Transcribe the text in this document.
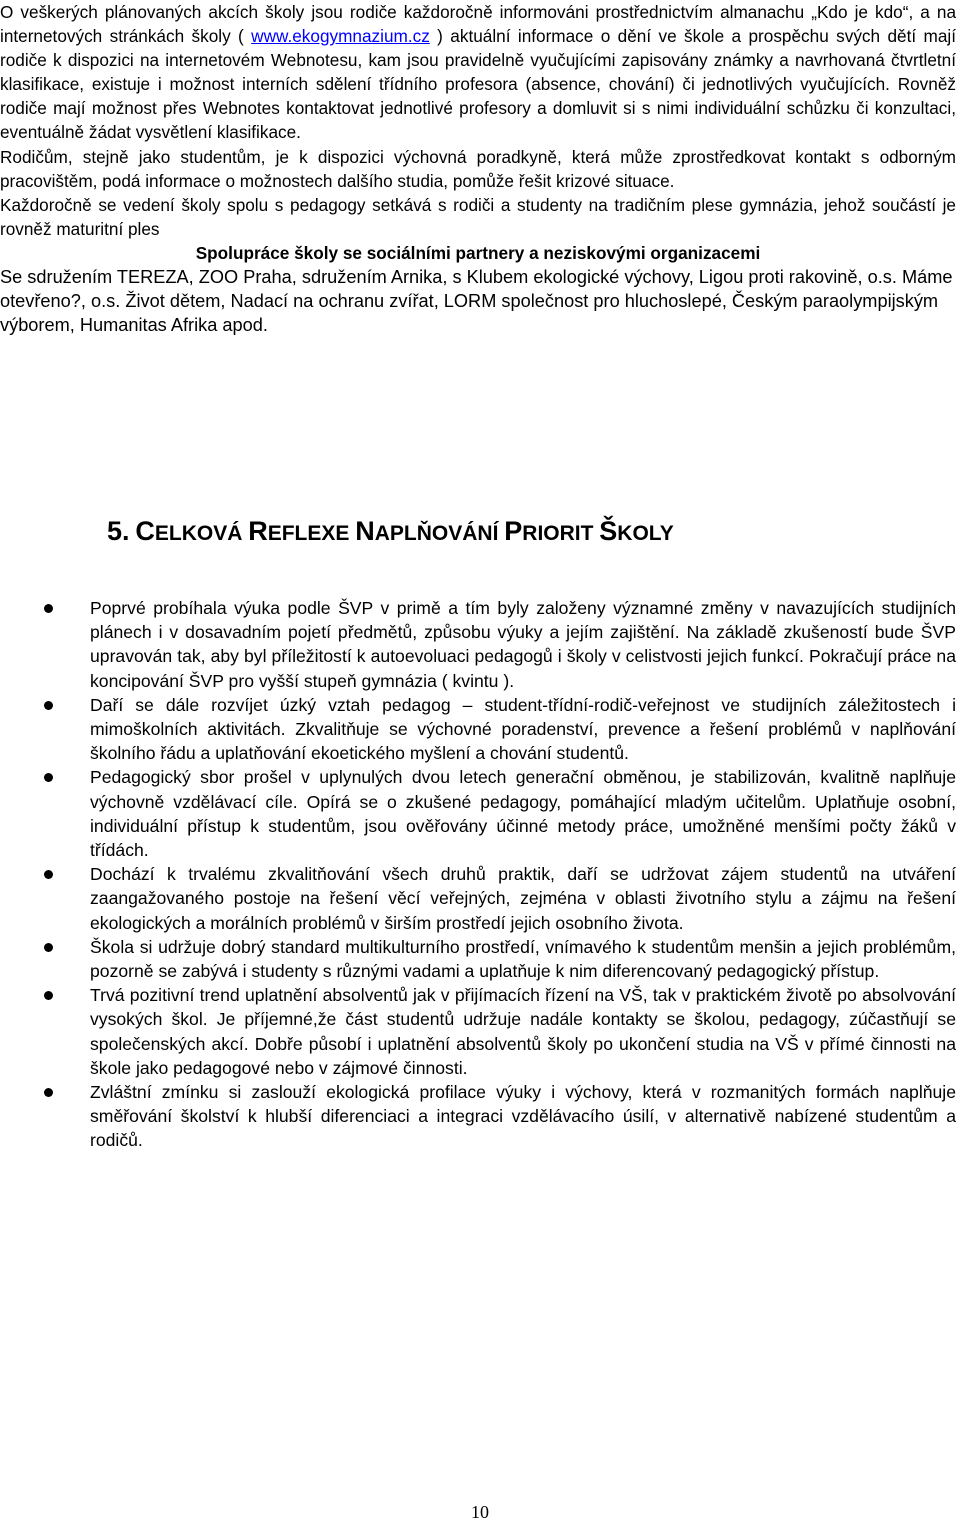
O veškerých plánovaných akcích školy jsou rodiče každoročně informováni prostřednictvím almanachu „Kdo je kdo“, a na internetových stránkách školy ( www.ekogymnazium.cz ) aktuální informace o dění ve škole a prospěchu svých dětí mají rodiče k dispozici na internetovém Webnotesu, kam jsou pravidelně vyučujícími zapisovány známky a navrhovaná čtvrtletní klasifikace, existuje i možnost interních sdělení třídního profesora (absence, chování) či jednotlivých vyučujících. Rovněž rodiče mají možnost přes Webnotes kontaktovat jednotlivé profesory a domluvit si s nimi individuální schůzku či konzultaci, eventuálně žádat vysvětlení klasifikace.

Rodičům, stejně jako studentům, je k dispozici výchovná poradkyně, která může zprostředkovat kontakt s odborným pracovištěm, podá informace o možnostech dalšího studia, pomůže řešit krizové situace.

Každoročně se vedení školy spolu s pedagogy setkává s rodiči a studenty na tradičním plese gymnázia, jehož součástí je rovněž maturitní ples

Spolupráce školy se sociálními partnery a neziskovými organizacemi

Se sdružením TEREZA, ZOO Praha, sdružením Arnika, s Klubem ekologické výchovy, Ligou proti rakovině, o.s. Máme otevřeno?, o.s. Život dětem, Nadací na ochranu zvířat, LORM společnost pro hluchoslepé, Českým paraolympijským výborem, Humanitas Afrika apod.

5. CELKOVÁ REFLEXE NAPLŇOVÁNÍ PRIORIT ŠKOLY
Poprvé probíhala výuka podle ŠVP v primě a tím byly založeny významné změny v navazujících studijních plánech i v dosavadním pojetí předmětů, způsobu výuky a jejím zajištění. Na základě zkušeností bude ŠVP upravován tak, aby byl příležitostí k autoevoluaci pedagogů i školy v celistvosti jejich funkcí. Pokračují práce na koncipování ŠVP pro vyšší stupeň gymnázia ( kvintu ).
Daří se dále rozvíjet úzký vztah pedagog – student-třídní-rodič-veřejnost ve studijních záležitostech i mimoškolních aktivitách. Zkvalitňuje se výchovné poradenství, prevence a řešení problémů v naplňování školního řádu a uplatňování ekoetického myšlení a chování studentů.
Pedagogický sbor prošel v uplynulých dvou letech generační obměnou, je stabilizován, kvalitně naplňuje výchovně vzdělávací cíle. Opírá se o zkušené pedagogy, pomáhající mladým učitelům. Uplatňuje osobní, individuální přístup k studentům, jsou ověřovány účinné metody práce, umožněné menšími počty žáků v třídách.
Dochází k trvalému zkvalitňování všech druhů praktik, daří se udržovat zájem studentů na utváření zaangažovaného postoje na řešení věcí veřejných, zejména v oblasti životního stylu a zájmu na řešení ekologických a morálních problémů v širším prostředí jejich osobního života.
Škola si udržuje dobrý standard multikulturního prostředí, vnímavého k studentům menšin a jejich problémům, pozorně se zabývá i studenty s různými vadami a uplatňuje k nim diferencovaný pedagogický přístup.
Trvá pozitivní trend uplatnění absolventů jak v přijímacích řízení na VŠ, tak v praktickém životě po absolvování vysokých škol. Je příjemné,že část studentů udržuje nadále kontakty se školou, pedagogy, zúčastňují se společenských akcí. Dobře působí i uplatnění absolventů školy po ukončení studia na VŠ v přímé činnosti na škole jako pedagogové nebo v zájmové činnosti.
Zvláštní zmínku si zaslouží ekologická profilace výuky i výchovy, která v rozmanitých formách naplňuje směřování školství k hlubší diferenciaci a integraci vzdělávacího úsilí, v alternativě nabízené studentům a rodičů.

10
